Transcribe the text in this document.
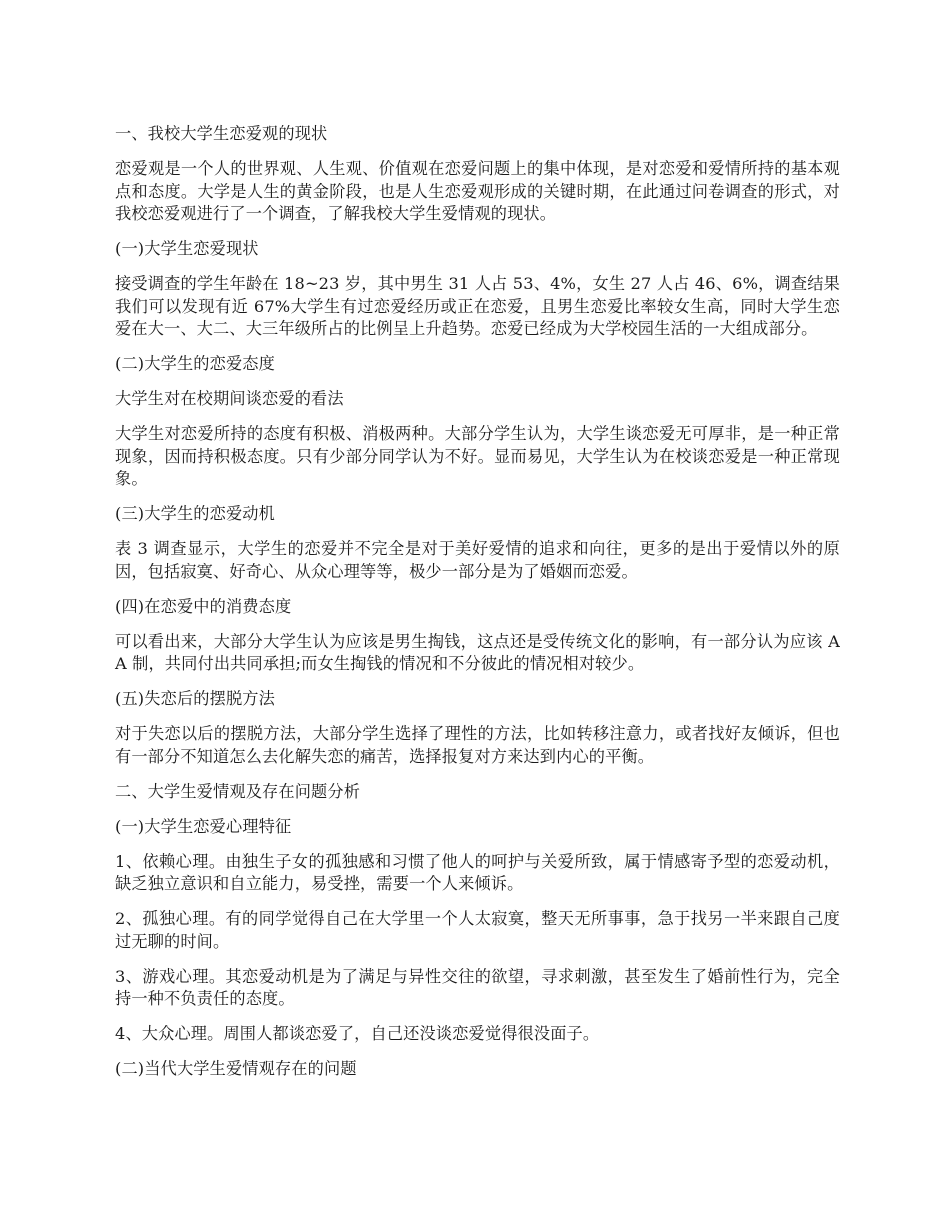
一、我校大学生恋爱观的现状

恋爱观是一个人的世界观、人生观、价值观在恋爱问题上的集中体现，是对恋爱和爱情所持的基本观点和态度。大学是人生的黄金阶段，也是人生恋爱观形成的关键时期，在此通过问卷调查的形式，对我校恋爱观进行了一个调查，了解我校大学生爱情观的现状。

(一)大学生恋爱现状

接受调查的学生年龄在 18~23 岁，其中男生 31 人占 53、4%，女生 27 人占 46、6%，调查结果我们可以发现有近 67%大学生有过恋爱经历或正在恋爱，且男生恋爱比率较女生高，同时大学生恋爱在大一、大二、大三年级所占的比例呈上升趋势。恋爱已经成为大学校园生活的一大组成部分。

(二)大学生的恋爱态度

大学生对在校期间谈恋爱的看法

大学生对恋爱所持的态度有积极、消极两种。大部分学生认为，大学生谈恋爱无可厚非，是一种正常现象，因而持积极态度。只有少部分同学认为不好。显而易见，大学生认为在校谈恋爱是一种正常现象。

(三)大学生的恋爱动机

表 3 调查显示，大学生的恋爱并不完全是对于美好爱情的追求和向往，更多的是出于爱情以外的原因，包括寂寞、好奇心、从众心理等等，极少一部分是为了婚姻而恋爱。

(四)在恋爱中的消费态度

可以看出来，大部分大学生认为应该是男生掏钱，这点还是受传统文化的影响，有一部分认为应该 AA 制，共同付出共同承担;而女生掏钱的情况和不分彼此的情况相对较少。

(五)失恋后的摆脱方法

对于失恋以后的摆脱方法，大部分学生选择了理性的方法，比如转移注意力，或者找好友倾诉，但也有一部分不知道怎么去化解失恋的痛苦，选择报复对方来达到内心的平衡。

二、大学生爱情观及存在问题分析

(一)大学生恋爱心理特征

1、依赖心理。由独生子女的孤独感和习惯了他人的呵护与关爱所致，属于情感寄予型的恋爱动机，缺乏独立意识和自立能力，易受挫，需要一个人来倾诉。

2、孤独心理。有的同学觉得自己在大学里一个人太寂寞，整天无所事事，急于找另一半来跟自己度过无聊的时间。

3、游戏心理。其恋爱动机是为了满足与异性交往的欲望，寻求刺激，甚至发生了婚前性行为，完全持一种不负责任的态度。

4、大众心理。周围人都谈恋爱了，自己还没谈恋爱觉得很没面子。

(二)当代大学生爱情观存在的问题
